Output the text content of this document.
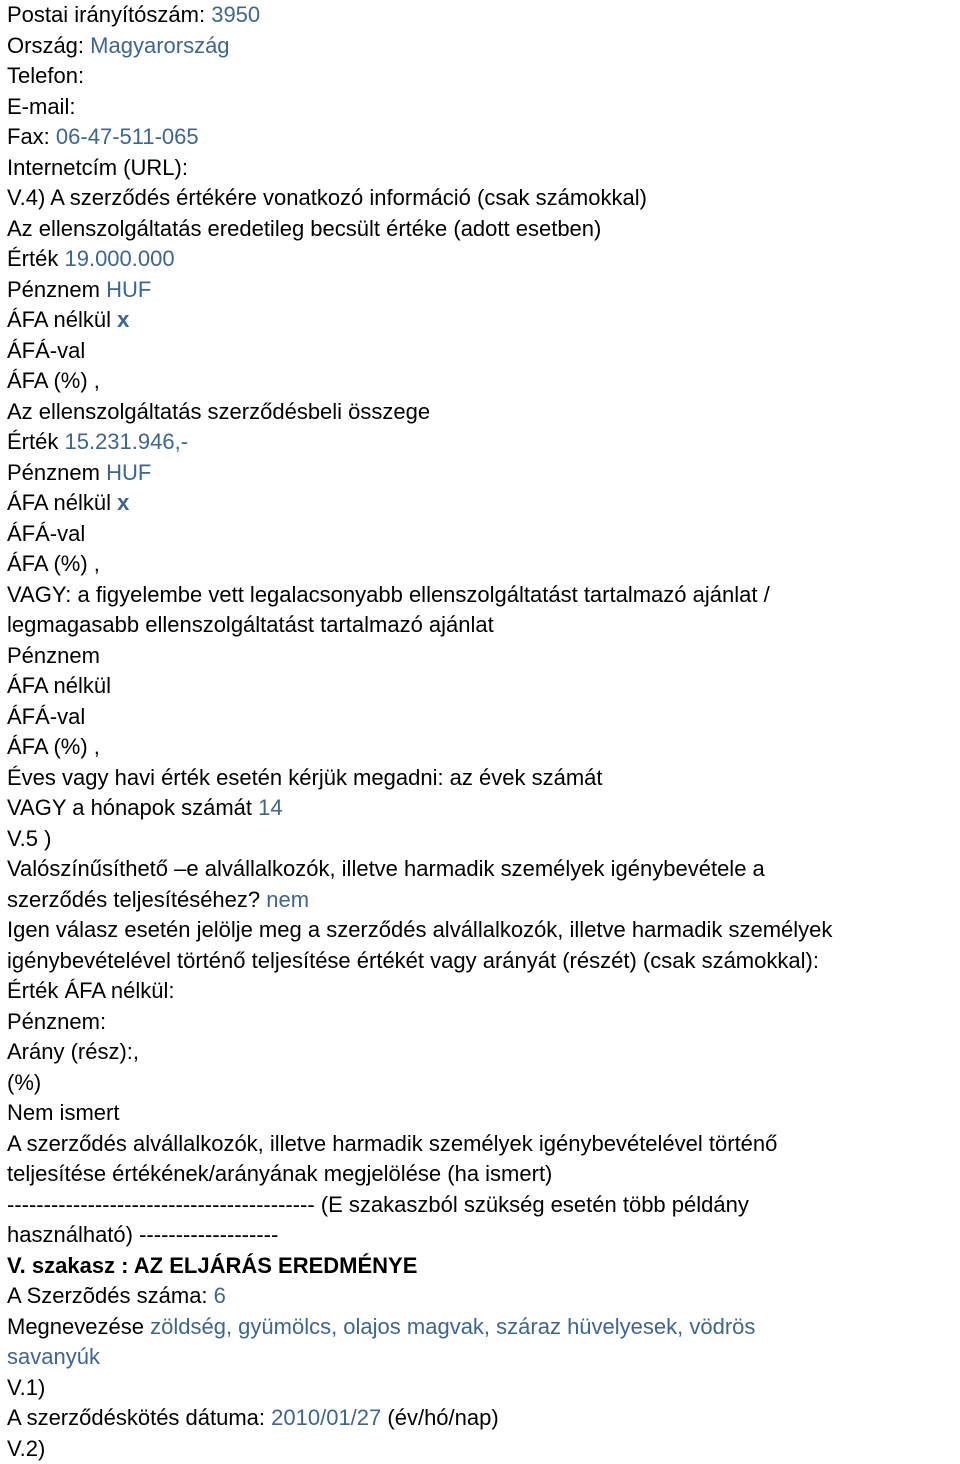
Postai irányítószám: 3950

Ország: Magyarország

Telefon:

E-mail:

Fax: 06-47-511-065

Internetcím (URL):

V.4) A szerződés értékére vonatkozó információ (csak számokkal)

Az ellenszolgáltatás eredetileg becsült értéke (adott esetben)

Érték 19.000.000

Pénznem HUF

ÁFA nélkül x

ÁFÁ-val

ÁFA (%) ,

Az ellenszolgáltatás szerződésbeli összege

Érték 15.231.946,-

Pénznem HUF

ÁFA nélkül x

ÁFÁ-val

ÁFA (%) ,

VAGY: a figyelembe vett legalacsonyabb ellenszolgáltatást tartalmazó ajánlat /

legmagasabb ellenszolgáltatást tartalmazó ajánlat

Pénznem

ÁFA nélkül

ÁFÁ-val

ÁFA (%) ,

Éves vagy havi érték esetén kérjük megadni: az évek számát

VAGY a hónapok számát 14

V.5 )

Valószínűsíthető –e alvállalkozók, illetve harmadik személyek igénybevétele a

szerződés teljesítéséhez? nem

Igen válasz esetén jelölje meg a szerződés alvállalkozók, illetve harmadik személyek

igénybevételével történő teljesítése értékét vagy arányát (részét) (csak számokkal):

Érték ÁFA nélkül:

Pénznem:

Arány (rész):,

(%)

Nem ismert

A szerződés alvállalkozók, illetve harmadik személyek igénybevételével történő

teljesítése értékének/arányának megjelölése (ha ismert)

------------------------------------------ (E szakaszból szükség esetén több példány

használható) -------------------

V. szakasz : AZ ELJÁRÁS EREDMÉNYE

A Szerzõdés száma: 6

Megnevezése zöldség, gyümölcs, olajos magvak, száraz hüvelyesek, vödrös

savanyúk

V.1)

A szerződéskötés dátuma: 2010/01/27 (év/hó/nap)

V.2)
